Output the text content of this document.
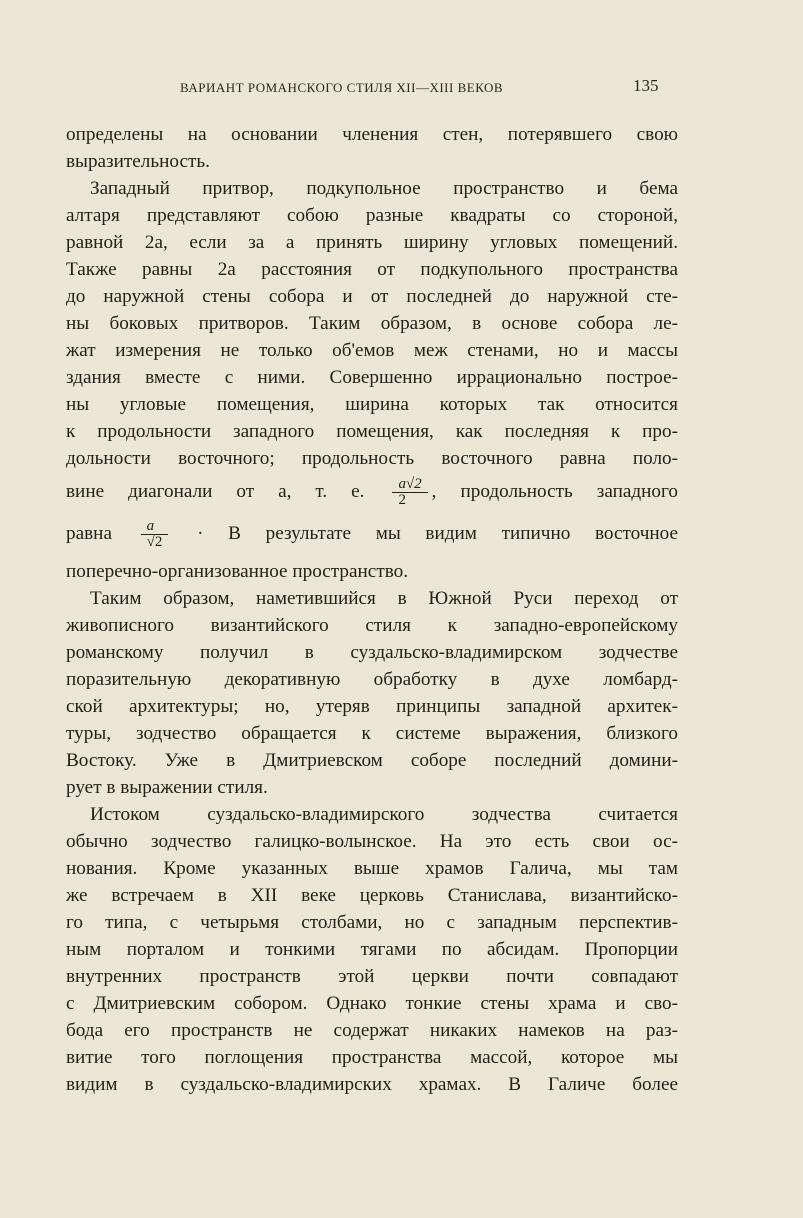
ВАРИАНТ РОМАНСКОГО СТИЛЯ XII—XIII ВЕКОВ	135
определены на основании членения стен, потерявшего свою
выразительность.
Западный притвор, подкупольное пространство и бема
алтаря представляют собою разные квадраты со стороной,
равной 2a, если за a принять ширину угловых помещений.
Также равны 2a расстояния от подкупольного пространства
до наружной стены собора и от последней до наружной сте-
ны боковых притворов. Таким образом, в основе собора ле-
жат измерения не только об'емов меж стенами, но и массы
здания вместе с ними. Совершенно иррационально построе-
ны угловые помещения, ширина которых так относится
к продольности западного помещения, как последняя к про-
дольности восточного; продольность восточного равна поло-
вине диагонали от a, т. е. $\frac{a√2}{2}$ , продольность западного
равна $\frac{a}{√2} \cdot В$ результате мы видим типично восточное
поперечно-организованное пространство.
Таким образом, наметившийся в Южной Руси переход от
живописного византийского стиля к западно-европейскому
романскому получил в суздальско-владимирском зодчестве
поразительную декоративную обработку в духе ломбард-
ской архитектуры; но, утеряв принципы западной архитек-
туры, зодчество обращается к системе выражения, близкого
Востоку. Уже в Дмитриевском соборе последний домини-
рует в выражении стиля.
Истоком суздальско-владимирского зодчества считается
обычно зодчество галицко-волынское. На это есть свои ос-
нования. Кроме указанных выше храмов Галича, мы там
же встречаем в XII веке церковь Станислава, византийско-
го типа, с четырьмя столбами, но с западным перспектив-
ным порталом и тонкими тягами по абсидам. Пропорции
внутренних пространств этой церкви почти совпадают
с Дмитриевским собором. Однако тонкие стены храма и сво-
бода его пространств не содержат никаких намеков на раз-
витие того поглощения пространства массой, которое мы
видим в суздальско-владимирских храмах. В Галиче более
